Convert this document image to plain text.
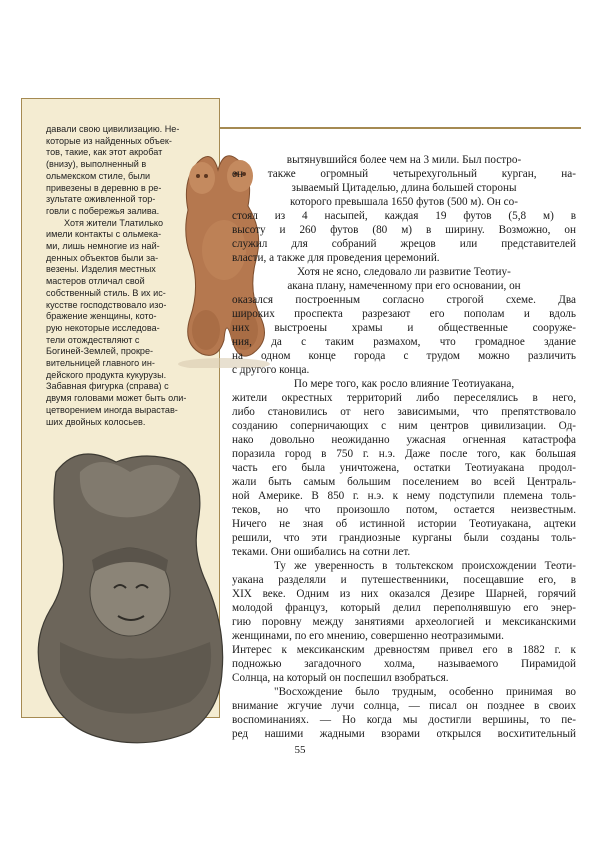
давали свою цивилизацию. Не-
которые из найденных объек-
тов, такие, как этот акробат
(внизу), выполненный в
ольмекском стиле, были
привезены в деревню в ре-
зультате оживленной тор-
говли с побережья залива.
Хотя жители Тлатилько
имели контакты с ольмека-
ми, лишь немногие из най-
денных объектов были за-
везены. Изделия местных
мастеров отличал свой
собственный стиль. В их ис-
кусстве господствовало изо-
бражение женщины, кото-
рую некоторые исследова-
тели отождествляют с
Богиней-Землей, прокре-
вительницей главного ин-
дейского продукта кукурузы.
Забавная фигурка (справа) с
двумя головами может быть оли-
цетворением иногда вырастав-
ших двойных колосьев.

вытянувшийся более чем на 3 мили. Был постро-

ен также огромный четырехугольный курган, на-

зываемый Цитаделью, длина большей стороны

которого превышала 1650 футов (500 м). Он со-

стоял из 4 насыпей, каждая 19 футов (5,8 м) в

высоту и 260 футов (80 м) в ширину. Возможно, он

служил для собраний жрецов или представителей

власти, а также для проведения церемоний.

Хотя не ясно, следовало ли развитие Теотиу-

акана плану, намеченному при его основании, он

оказался построенным согласно строгой схеме. Два

широких проспекта разрезают его пополам и вдоль

них выстроены храмы и общественные сооруже-

ния, да с таким размахом, что громадное здание

на одном конце города с трудом можно различить

с другого конца.

По мере того, как росло влияние Теотиуакана,

жители окрестных территорий либо переселялись в него,

либо становились от него зависимыми, что препятствовало

созданию соперничающих с ним центров цивилизации. Од-

нако довольно неожиданно ужасная огненная катастрофа

поразила город в 750 г. н.э. Даже после того, как большая

часть его была уничтожена, остатки Теотиуакана продол-

жали быть самым большим поселением во всей Централь-

ной Америке. В 850 г. н.э. к нему подступили племена толь-

теков, но что произошло потом, остается неизвестным.

Ничего не зная об истинной истории Теотиуакана, ацтеки

решили, что эти грандиозные курганы были созданы толь-

теками. Они ошибались на сотни лет.

Ту же уверенность в тольтекском происхождении Теоти-

уакана разделяли и путешественники, посещавшие его, в

XIX веке. Одним из них оказался Дезире Шарней, горячий

молодой француз, который делил переполнявшую его энер-

гию поровну между занятиями археологией и мексиканскими

женщинами, по его мнению, совершенно неотразимыми.

Интерес к мексиканским древностям привел его в 1882 г. к

подножью загадочного холма, называемого Пирамидой

Солнца, на который он поспешил взобраться.

"Восхождение было трудным, особенно принимая во

внимание жгучие лучи солнца, — писал он позднее в своих

воспоминаниях. — Но когда мы достигли вершины, то пе-

ред нашими жадными взорами открылся восхитительный

55
